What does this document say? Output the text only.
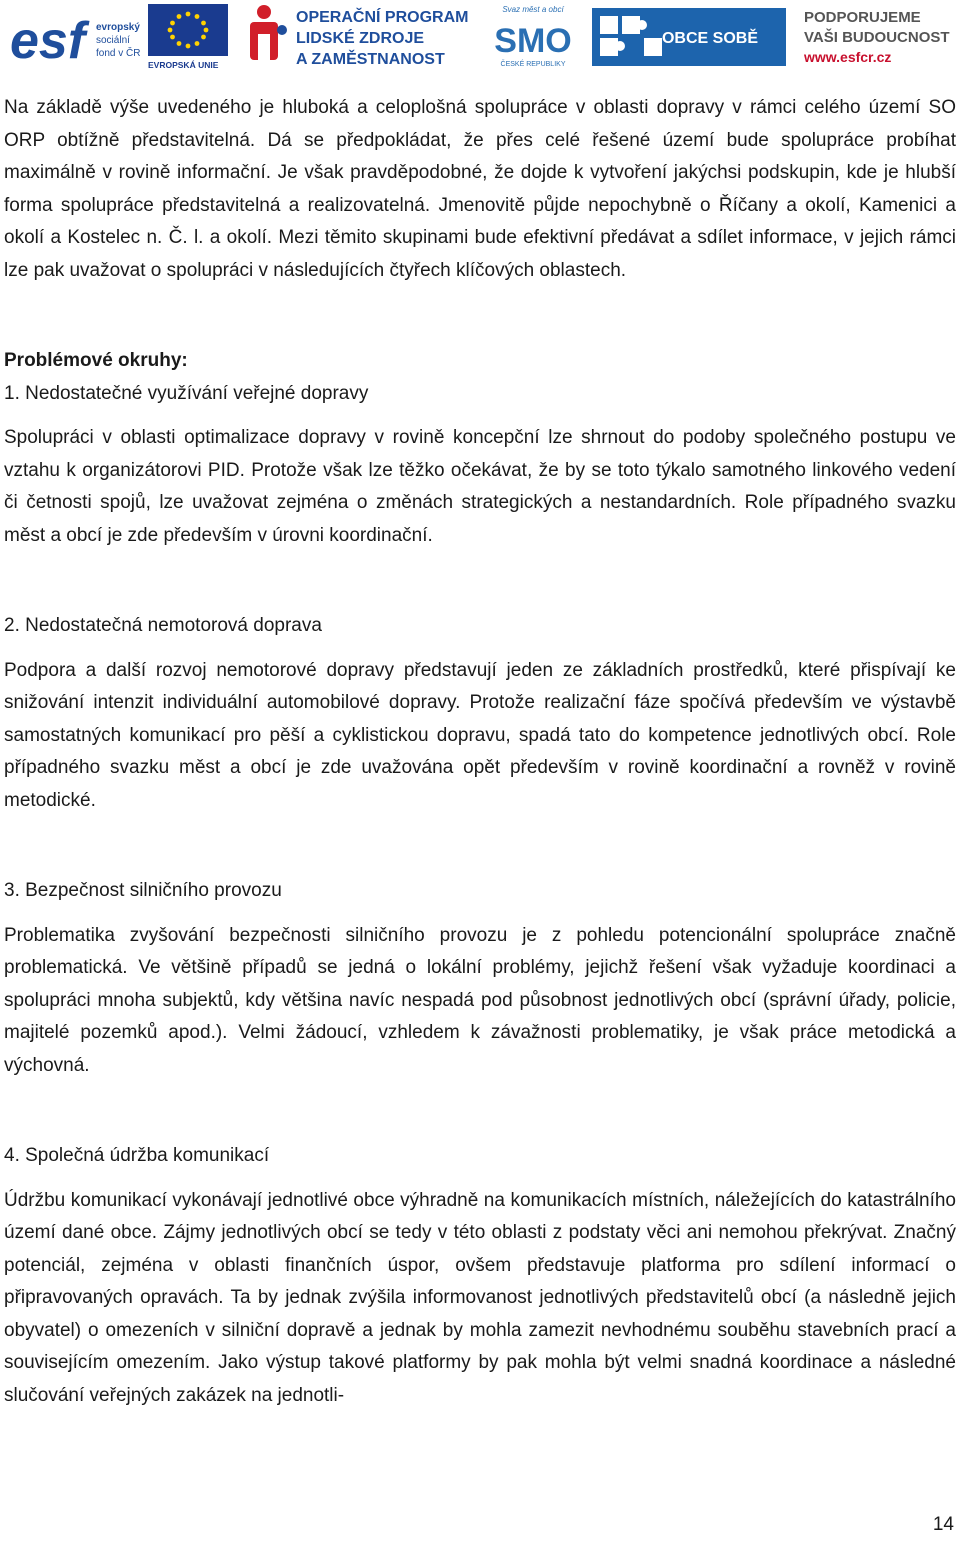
esf	evropský
sociální
fond v ČR
EVROPSKÁ UNIE
OPERAČNÍ PROGRAM
LIDSKÉ ZDROJE
A ZAMĚSTNANOST
Svaz měst a obcí
SMO
ČESKÉ REPUBLIKY
OBCE SOBĚ
PODPORUJEME
VAŠI BUDOUCNOST
www.esfcr.cz

Na základě výše uvedeného je hluboká a celoplošná spolupráce v oblasti dopravy v rámci celého území SO ORP obtížně představitelná. Dá se předpokládat, že přes celé řešené území bude spolupráce probíhat maximálně v rovině informační. Je však pravděpodobné, že dojde k vytvoření jakýchsi podskupin, kde je hlubší forma spolupráce představitelná a realizovatelná. Jmenovitě půjde nepochybně o Říčany a okolí, Kamenici a okolí a Kostelec n. Č. l. a okolí. Mezi těmito skupinami bude efektivní předávat a sdílet informace, v jejich rámci lze pak uvažovat o spolupráci v následujících čtyřech klíčových oblastech.

Problémové okruhy:

1. Nedostatečné využívání veřejné dopravy

Spolupráci v oblasti optimalizace dopravy v rovině koncepční lze shrnout do podoby společného postupu ve vztahu k organizátorovi PID. Protože však lze těžko očekávat, že by se toto týkalo samotného linkového vedení či četnosti spojů, lze uvažovat zejména o změnách strategických a nestandardních. Role případného svazku měst a obcí je zde především v úrovni koordinační.

2. Nedostatečná nemotorová doprava

Podpora a další rozvoj nemotorové dopravy představují jeden ze základních prostředků, které přispívají ke snižování intenzit individuální automobilové dopravy. Protože realizační fáze spočívá především ve výstavbě samostatných komunikací pro pěší a cyklistickou dopravu, spadá tato do kompetence jednotlivých obcí. Role případného svazku měst a obcí je zde uvažována opět především v rovině koordinační a rovněž v rovině metodické.

3. Bezpečnost silničního provozu

Problematika zvyšování bezpečnosti silničního provozu je z pohledu potencionální spolupráce značně problematická. Ve většině případů se jedná o lokální problémy, jejichž řešení však vyžaduje koordinaci a spolupráci mnoha subjektů, kdy většina navíc nespadá pod působnost jednotlivých obcí (správní úřady, policie, majitelé pozemků apod.). Velmi žádoucí, vzhledem k závažnosti problematiky, je však práce metodická a výchovná.

4. Společná údržba komunikací

Údržbu komunikací vykonávají jednotlivé obce výhradně na komunikacích místních, náležejících do katastrálního území dané obce. Zájmy jednotlivých obcí se tedy v této oblasti z podstaty věci ani nemohou překrývat. Značný potenciál, zejména v oblasti finančních úspor, ovšem představuje platforma pro sdílení informací o připravovaných opravách. Ta by jednak zvýšila informovanost jednotlivých představitelů obcí (a následně jejich obyvatel) o omezeních v silniční dopravě a jednak by mohla zamezit nevhodnému souběhu stavebních prací a souvisejícím omezením. Jako výstup takové platformy by pak mohla být velmi snadná koordinace a následné slučování veřejných zakázek na jednotli-

14
